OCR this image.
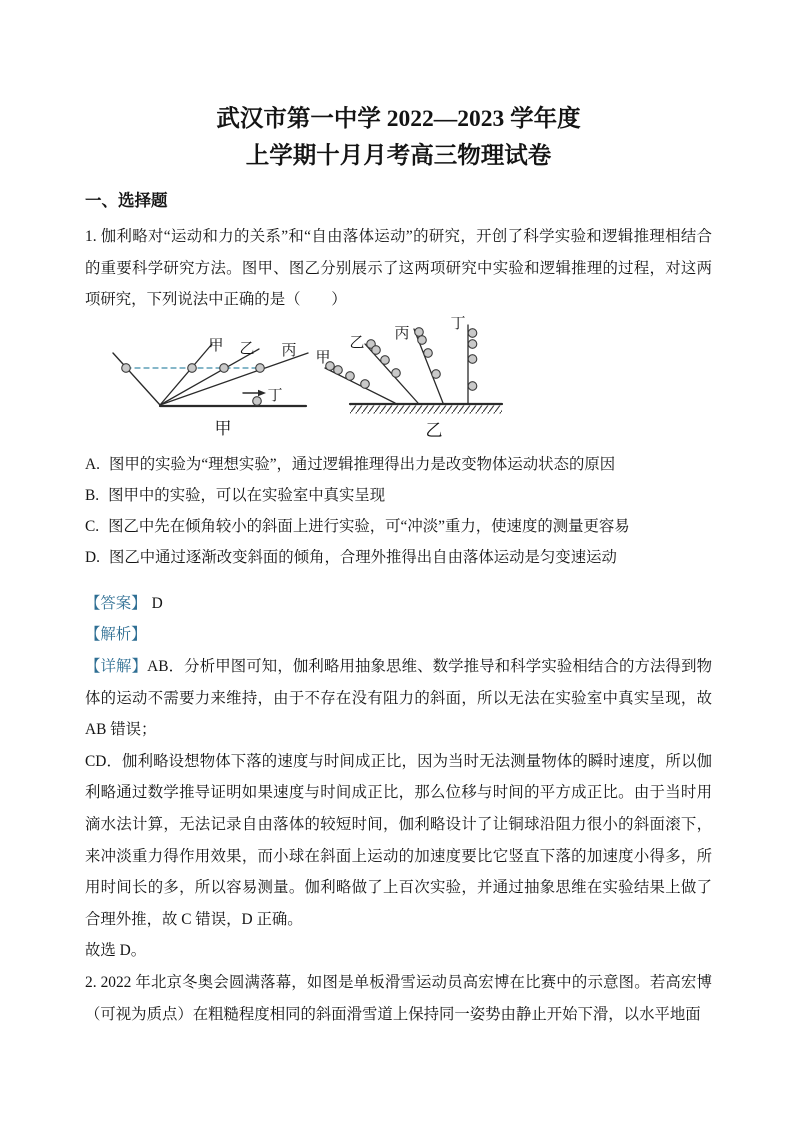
武汉市第一中学 2022—2023 学年度
上学期十月月考高三物理试卷
一、选择题

1. 伽利略对“运动和力的关系”和“自由落体运动”的研究，开创了科学实验和逻辑推理相结合的重要科学研究方法。图甲、图乙分别展示了这两项研究中实验和逻辑推理的过程，对这两项研究，下列说法中正确的是（　　）

甲 乙 丙
丁
甲
甲
乙
丙
丁
乙

A. 图甲的实验为“理想实验”，通过逻辑推理得出力是改变物体运动状态的原因

B. 图甲中的实验，可以在实验室中真实呈现

C. 图乙中先在倾角较小的斜面上进行实验，可“冲淡”重力，使速度的测量更容易

D. 图乙中通过逐渐改变斜面的倾角，合理外推得出自由落体运动是匀变速运动

【答案】 D

【解析】

【详解】AB．分析甲图可知，伽利略用抽象思维、数学推导和科学实验相结合的方法得到物体的运动不需要力来维持，由于不存在没有阻力的斜面，所以无法在实验室中真实呈现，故 AB 错误；

CD．伽利略设想物体下落的速度与时间成正比，因为当时无法测量物体的瞬时速度，所以伽利略通过数学推导证明如果速度与时间成正比，那么位移与时间的平方成正比。由于当时用滴水法计算，无法记录自由落体的较短时间，伽利略设计了让铜球沿阻力很小的斜面滚下，来冲淡重力得作用效果，而小球在斜面上运动的加速度要比它竖直下落的加速度小得多，所用时间长的多，所以容易测量。伽利略做了上百次实验，并通过抽象思维在实验结果上做了合理外推，故 C 错误，D 正确。

故选 D。

2. 2022 年北京冬奥会圆满落幕，如图是单板滑雪运动员高宏博在比赛中的示意图。若高宏博（可视为质点）在粗糙程度相同的斜面滑雪道上保持同一姿势由静止开始下滑，以水平地面
